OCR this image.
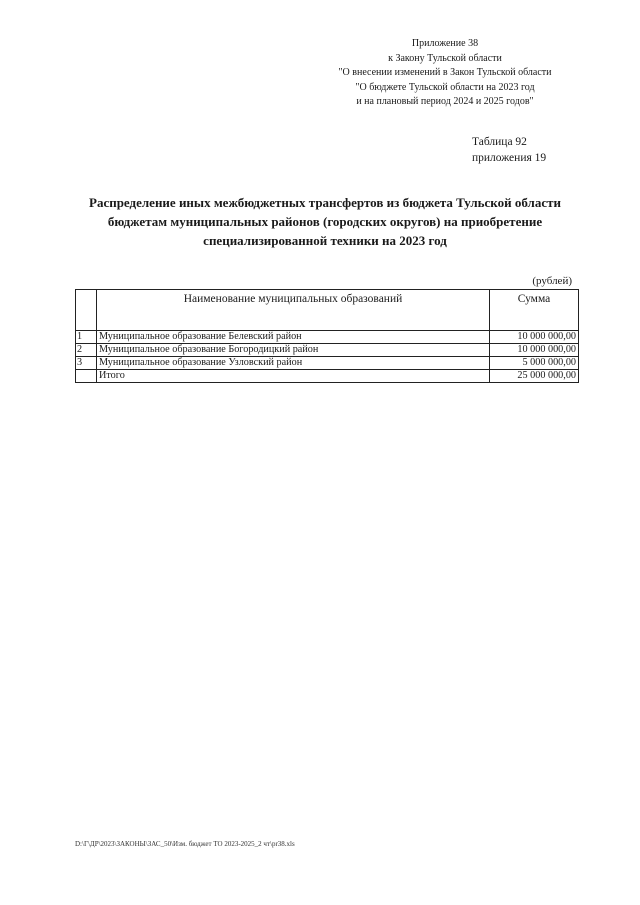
Приложение 38
к Закону Тульской области
"О внесении изменений в Закон Тульской области
"О бюджете Тульской области на 2023 год
и на плановый период 2024 и 2025 годов"
Таблица 92
приложения 19
Распределение иных межбюджетных трансфертов из бюджета Тульской области
бюджетам муниципальных районов (городских округов) на приобретение
специализированной техники на 2023 год
(рублей)
	Наименование муниципальных образований	Сумма
1	Муниципальное образование Белевский район	10 000 000,00
2	Муниципальное образование Богородицкий район	10 000 000,00
3	Муниципальное образование Узловский район	5 000 000,00
	Итого	25 000 000,00
D:\Г\ДР\2023\ЗАКОНЫ\ЗАС_50\Изм. бюджет ТО 2023-2025_2 чт\pr38.xls
